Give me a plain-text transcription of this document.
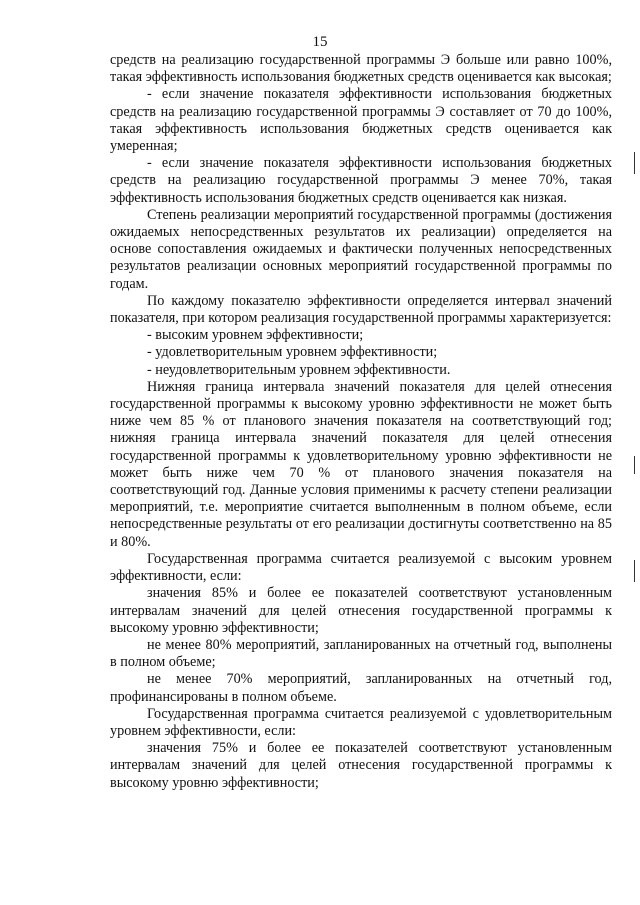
15

средств на реализацию государственной программы Э больше или равно 100%, такая эффективность использования бюджетных средств оценивается как высокая;

- если значение показателя эффективности использования бюджетных средств на реализацию государственной программы Э составляет от 70 до 100%, такая эффективность использования бюджетных средств оценивается как умеренная;

- если значение показателя эффективности использования бюджетных средств на реализацию государственной программы Э менее 70%, такая эффективность использования бюджетных средств оценивается как низкая.

Степень реализации мероприятий государственной программы (достижения ожидаемых непосредственных результатов их реализации) определяется на основе сопоставления ожидаемых и фактически полученных непосредственных результатов реализации основных мероприятий государственной программы по годам.

По каждому показателю эффективности определяется интервал значений показателя, при котором реализация государственной программы характеризуется:

- высоким уровнем эффективности;

- удовлетворительным уровнем эффективности;

- неудовлетворительным уровнем эффективности.

Нижняя граница интервала значений показателя для целей отнесения государственной программы к высокому уровню эффективности не может быть ниже чем 85 % от планового значения показателя на соответствующий год; нижняя граница интервала значений показателя для целей отнесения государственной программы к удовлетворительному уровню эффективности не может быть ниже чем 70 % от планового значения показателя на соответствующий год. Данные условия применимы к расчету степени реализации мероприятий, т.е. мероприятие считается выполненным в полном объеме, если непосредственные результаты от его реализации достигнуты соответственно на 85 и 80%.

Государственная программа считается реализуемой с высоким уровнем эффективности, если:

значения 85% и более ее показателей соответствуют установленным интервалам значений для целей отнесения государственной программы к высокому уровню эффективности;

не менее 80% мероприятий, запланированных на отчетный год, выполнены в полном объеме;

не менее 70% мероприятий, запланированных на отчетный год, профинансированы в полном объеме.

Государственная программа считается реализуемой с удовлетворительным уровнем эффективности, если:

значения 75% и более ее показателей соответствуют установленным интервалам значений для целей отнесения государственной программы к высокому уровню эффективности;
